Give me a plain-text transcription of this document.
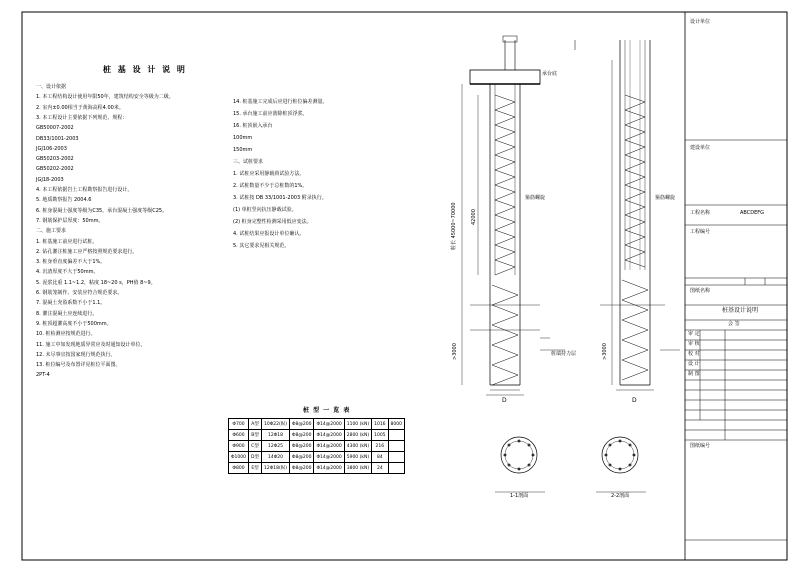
桩 基 设 计 说 明
一、设计依据
1. 本工程结构设计使用年限50年，建筑结构安全等级为二级。
2. 室内±0.00相当于黄海高程4.00米。
3. 本工程设计主要依据下列规范、规程：
GB50007-2002
DB33/1001-2003
JGJ106-2003
GB50203-2002
GB50202-2002
JGJ18-2003
4. 本工程依据岩土工程勘察报告进行设计。
5. 地质勘察报告 2004.6
6. 桩身混凝土强度等级为C35，承台混凝土强度等级C25。
7. 钢筋保护层厚度：50mm。
二、施工要求
1. 桩基施工前应进行试桩。
2. 钻孔灌注桩施工应严格按照规范要求进行。
3. 桩身垂直度偏差不大于1%。
4. 沉渣厚度不大于50mm。
5. 泥浆比重 1.1~1.2，粘度 18~20 s，PH值 8~9。
6. 钢筋笼制作、安装应符合规范要求。
7. 混凝土充盈系数不小于1.1。
8. 灌注混凝土应连续进行。
9. 桩顶超灌高度不小于500mm。
10. 桩检测应按规范进行。
11. 施工中如发现地质异常应及时通知设计单位。
12. 未尽事宜按国家现行规范执行。
13. 桩位编号及布置详见桩位平面图。
2PT-4
14. 桩基施工完成后应进行桩位偏差测量。
15. 承台施工前应凿除桩顶浮浆。
16. 桩顶嵌入承台
100mm
150mm
三、试桩要求
1. 试桩应采用静载荷试验方法。
2. 试桩数量不少于总桩数的1%。
3. 试桩按 DB 33/1001-2003 附录执行。
(1) 单桩竖向抗压静载试验。
(2) 桩身完整性检测采用低应变法。
4. 试桩结果应报设计单位确认。
5. 其它要求见相关规范。
桩 型 一 览 表
Φ700	A型	10Φ22(纵)	Φ8@200	Φ14@2000	1100 (kN)	1016	8000
Φ600	B型	12Φ18	Φ8@200	Φ14@2000	2800 (kN)	1005	
Φ900	C型	12Φ25	Φ8@200	Φ14@2000	4300 (kN)	216	
Φ1000	D型	14Φ20	Φ8@200	Φ14@2000	5900 (kN)	84	
Φ800	E型	12Φ18(纵)	Φ8@200	Φ14@2000	3800 (kN)	24	
桩长 45000~70000	42000
>3000	>3000
D	D
1-1剖面	2-2剖面
箍筋螺旋	箍筋螺旋
承台底
桩端持力层
设计单位
建设单位
工程名称	ABCDEFG
工程编号
图纸名称
桩基设计说明
会 签
审 定
审 核
校 对
设 计
制 图
图纸编号
